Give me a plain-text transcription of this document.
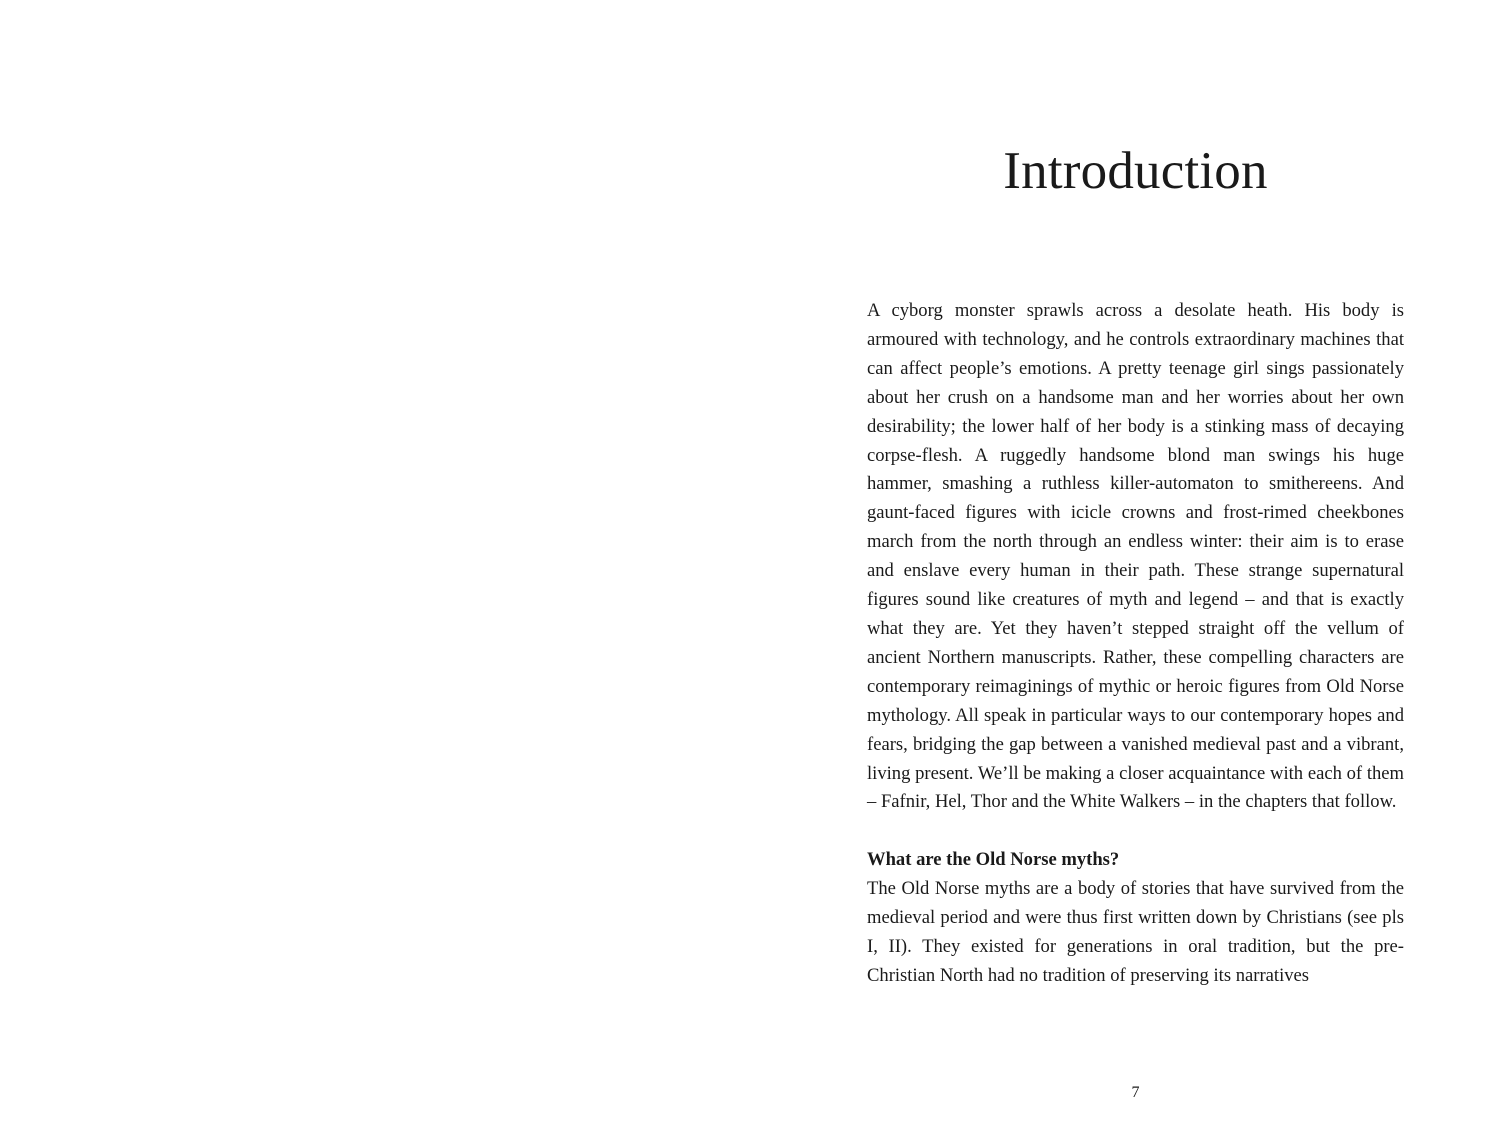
Introduction

A cyborg monster sprawls across a desolate heath. His body is armoured with technology, and he controls extraordinary machines that can affect people’s emotions. A pretty teenage girl sings passionately about her crush on a handsome man and her worries about her own desirability; the lower half of her body is a stinking mass of decaying corpse-flesh. A ruggedly handsome blond man swings his huge hammer, smashing a ruthless killer-automaton to smithereens. And gaunt-faced figures with icicle crowns and frost-rimed cheekbones march from the north through an endless winter: their aim is to erase and enslave every human in their path. These strange supernatural figures sound like creatures of myth and legend – and that is exactly what they are. Yet they haven’t stepped straight off the vellum of ancient Northern manuscripts. Rather, these compelling characters are contemporary reimaginings of mythic or heroic figures from Old Norse mythology. All speak in particular ways to our contemporary hopes and fears, bridging the gap between a vanished medieval past and a vibrant, living present. We’ll be making a closer acquaintance with each of them – Fafnir, Hel, Thor and the White Walkers – in the chapters that follow.

What are the Old Norse myths?

The Old Norse myths are a body of stories that have survived from the medieval period and were thus first written down by Christians (see pls I, II). They existed for generations in oral tradition, but the pre-Christian North had no tradition of preserving its narratives

7
